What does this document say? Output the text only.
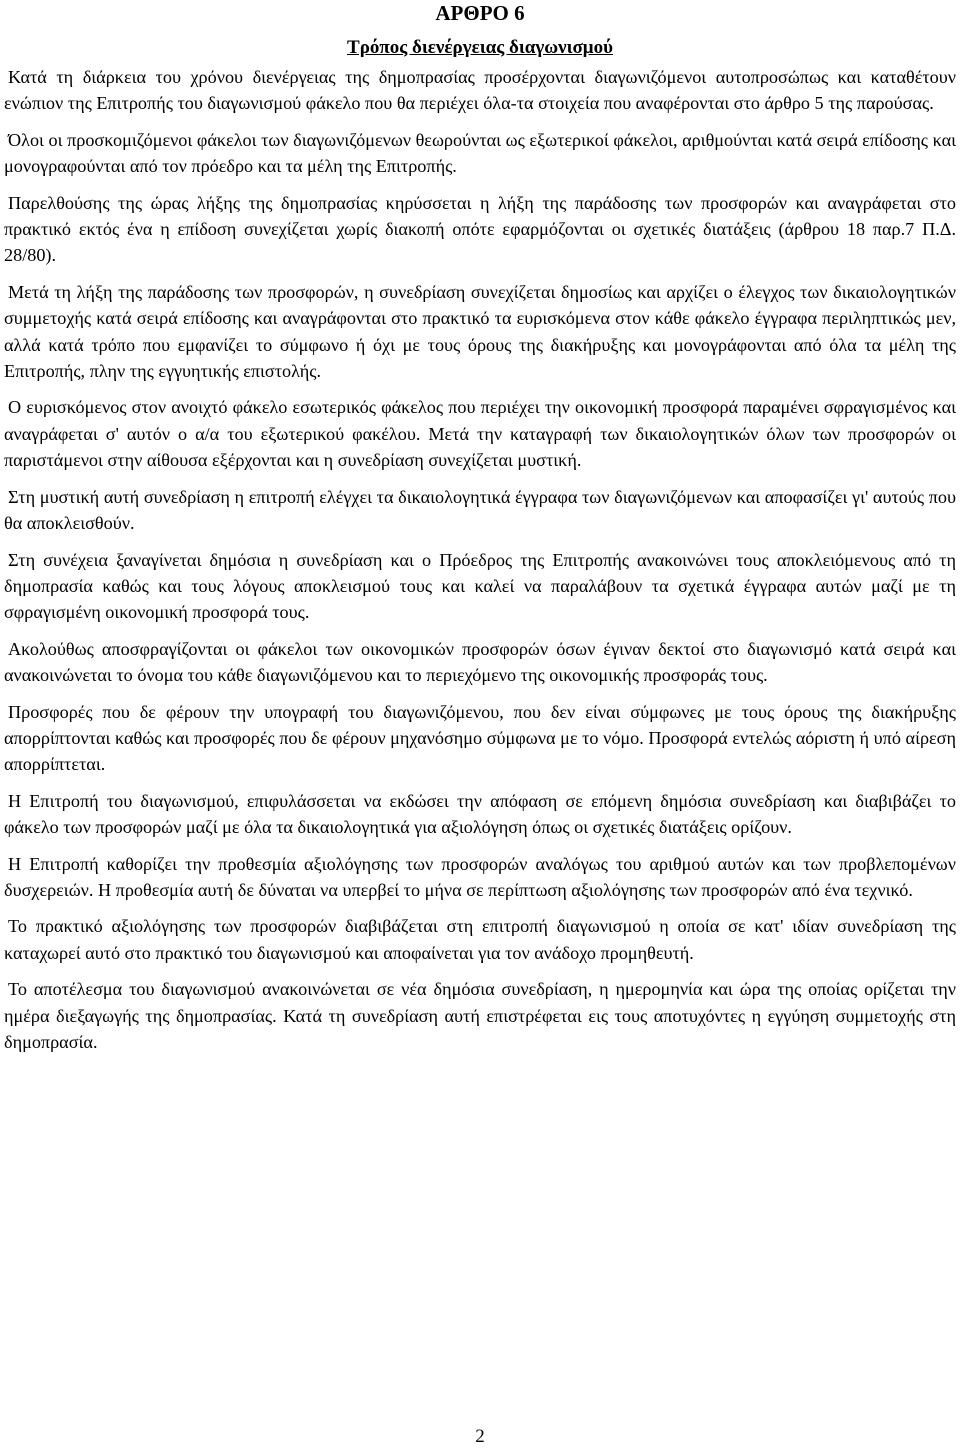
ΑΡΘΡΟ 6
Τρόπος διενέργειας διαγωνισμού

Κατά τη διάρκεια του χρόνου διενέργειας της δημοπρασίας προσέρχονται διαγωνιζόμενοι αυτοπροσώπως και καταθέτουν ενώπιον της Επιτροπής του διαγωνισμού φάκελο που θα περιέχει όλα-τα στοιχεία που αναφέρονται στο άρθρο 5 της παρούσας.

Όλοι οι προσκομιζόμενοι φάκελοι των διαγωνιζόμενων θεωρούνται ως εξωτερικοί φάκελοι, αριθμούνται κατά σειρά επίδοσης και μονογραφούνται από τον πρόεδρο και τα μέλη της Επιτροπής.

Παρελθούσης της ώρας λήξης της δημοπρασίας κηρύσσεται η λήξη της παράδοσης των προσφορών και αναγράφεται στο πρακτικό εκτός ένα η επίδοση συνεχίζεται χωρίς διακοπή οπότε εφαρμόζονται οι σχετικές διατάξεις (άρθρου 18 παρ.7 Π.Δ. 28/80).

Μετά τη λήξη της παράδοσης των προσφορών, η συνεδρίαση συνεχίζεται δημοσίως και αρχίζει ο έλεγχος των δικαιολογητικών συμμετοχής κατά σειρά επίδοσης και αναγράφονται στο πρακτικό τα ευρισκόμενα στον κάθε φάκελο έγγραφα περιληπτικώς μεν, αλλά κατά τρόπο που εμφανίζει το σύμφωνο ή όχι με τους όρους της διακήρυξης και μονογράφονται από όλα τα μέλη της Επιτροπής, πλην της εγγυητικής επιστολής.

Ο ευρισκόμενος στον ανοιχτό φάκελο εσωτερικός φάκελος που περιέχει την οικονομική προσφορά παραμένει σφραγισμένος και αναγράφεται σ' αυτόν ο α/α του εξωτερικού φακέλου. Μετά την καταγραφή των δικαιολογητικών όλων των προσφορών οι παριστάμενοι στην αίθουσα εξέρχονται και η συνεδρίαση συνεχίζεται μυστική.

Στη μυστική αυτή συνεδρίαση η επιτροπή ελέγχει τα δικαιολογητικά έγγραφα των διαγωνιζόμενων και αποφασίζει γι' αυτούς που θα αποκλεισθούν.

Στη συνέχεια ξαναγίνεται δημόσια η συνεδρίαση και ο Πρόεδρος της Επιτροπής ανακοινώνει τους αποκλειόμενους από τη δημοπρασία καθώς και τους λόγους αποκλεισμού τους και καλεί να παραλάβουν τα σχετικά έγγραφα αυτών μαζί με τη σφραγισμένη οικονομική προσφορά τους.

Ακολούθως αποσφραγίζονται οι φάκελοι των οικονομικών προσφορών όσων έγιναν δεκτοί στο διαγωνισμό κατά σειρά και ανακοινώνεται το όνομα του κάθε διαγωνιζόμενου και το περιεχόμενο της οικονομικής προσφοράς τους.

Προσφορές που δε φέρουν την υπογραφή του διαγωνιζόμενου, που δεν είναι σύμφωνες με τους όρους της διακήρυξης απορρίπτονται καθώς και προσφορές που δε φέρουν μηχανόσημο σύμφωνα με το νόμο. Προσφορά εντελώς αόριστη ή υπό αίρεση απορρίπτεται.

Η Επιτροπή του διαγωνισμού, επιφυλάσσεται να εκδώσει την απόφαση σε επόμενη δημόσια συνεδρίαση και διαβιβάζει το φάκελο των προσφορών μαζί με όλα τα δικαιολογητικά για αξιολόγηση όπως οι σχετικές διατάξεις ορίζουν.

Η Επιτροπή καθορίζει την προθεσμία αξιολόγησης των προσφορών αναλόγως του αριθμού αυτών και των προβλεπομένων δυσχερειών. Η προθεσμία αυτή δε δύναται να υπερβεί το μήνα σε περίπτωση αξιολόγησης των προσφορών από ένα τεχνικό.

Το πρακτικό αξιολόγησης των προσφορών διαβιβάζεται στη επιτροπή διαγωνισμού η οποία σε κατ' ιδίαν συνεδρίαση της καταχωρεί αυτό στο πρακτικό του διαγωνισμού και αποφαίνεται για τον ανάδοχο προμηθευτή.

Το αποτέλεσμα του διαγωνισμού ανακοινώνεται σε νέα δημόσια συνεδρίαση, η ημερομηνία και ώρα της οποίας ορίζεται την ημέρα διεξαγωγής της δημοπρασίας. Κατά τη συνεδρίαση αυτή επιστρέφεται εις τους αποτυχόντες η εγγύηση συμμετοχής στη δημοπρασία.

2
